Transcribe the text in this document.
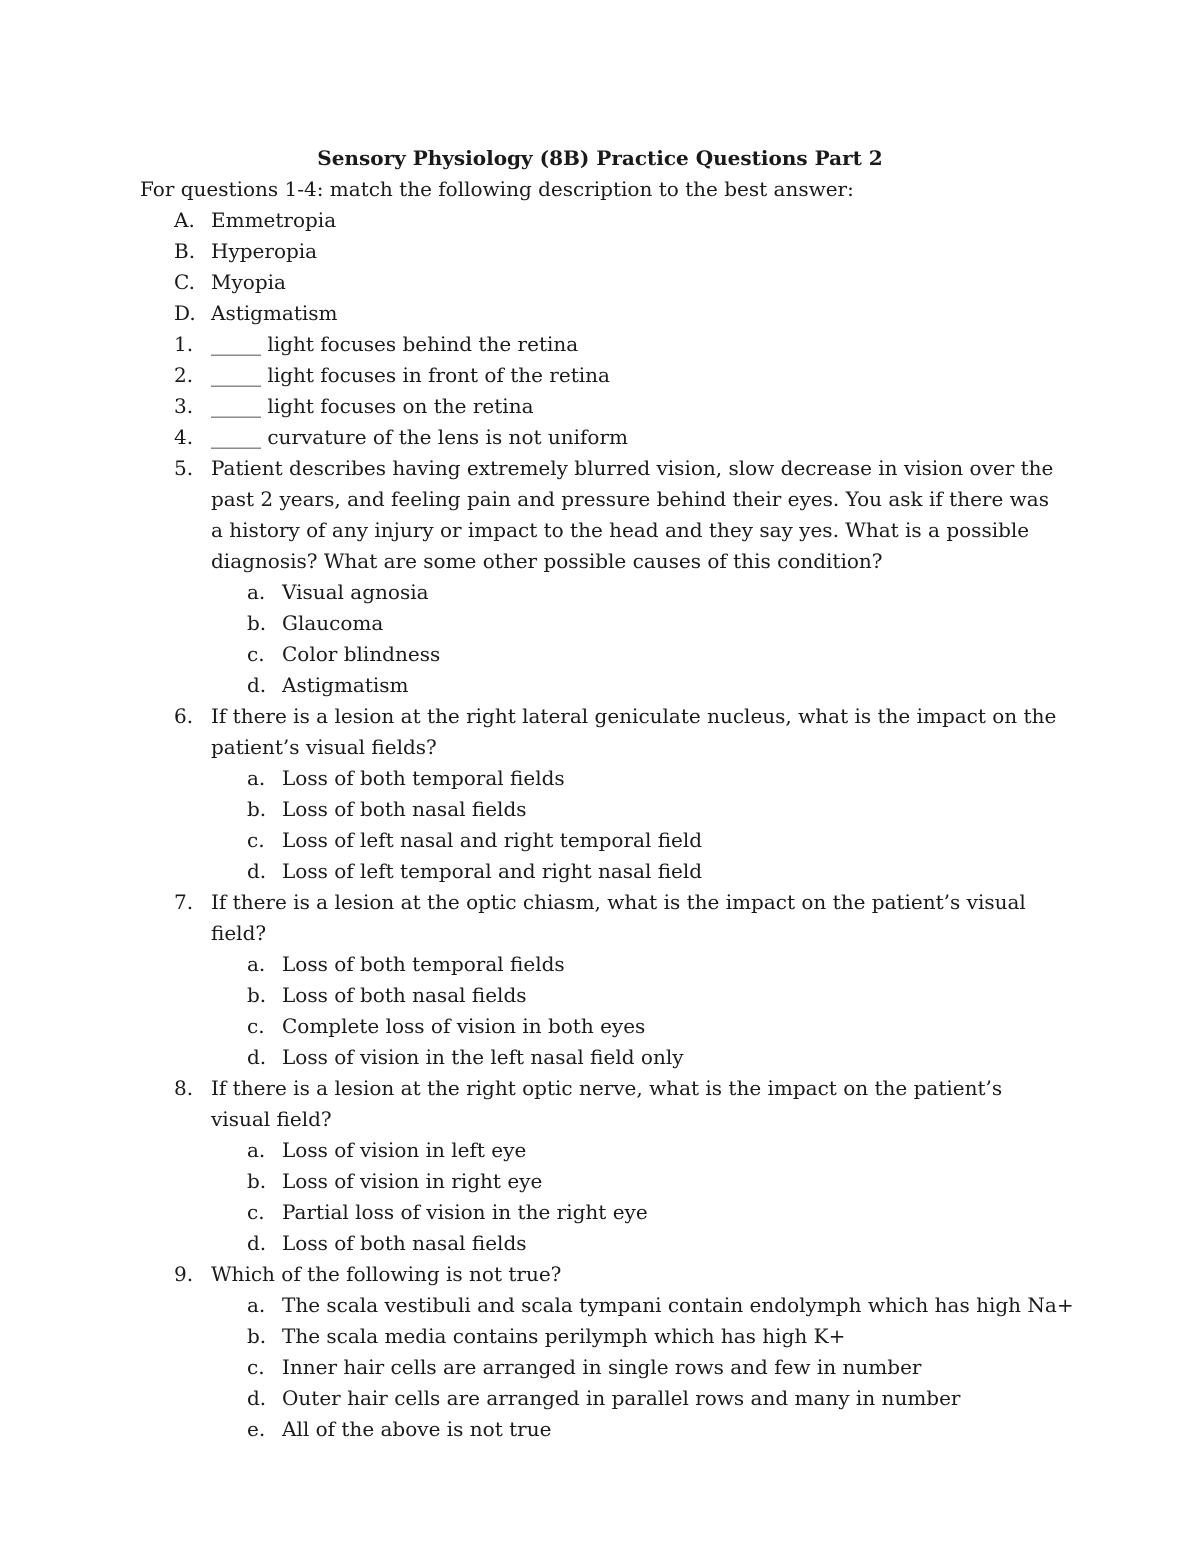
Sensory Physiology (8B) Practice Questions Part 2
For questions 1-4: match the following description to the best answer:
A. Emmetropia
B. Hyperopia
C. Myopia
D. Astigmatism
1. _____ light focuses behind the retina
2. _____ light focuses in front of the retina
3. _____ light focuses on the retina
4. _____ curvature of the lens is not uniform
5. Patient describes having extremely blurred vision, slow decrease in vision over the past 2 years, and feeling pain and pressure behind their eyes. You ask if there was a history of any injury or impact to the head and they say yes. What is a possible diagnosis? What are some other possible causes of this condition?
a. Visual agnosia
b. Glaucoma
c. Color blindness
d. Astigmatism
6. If there is a lesion at the right lateral geniculate nucleus, what is the impact on the patient’s visual fields?
a. Loss of both temporal fields
b. Loss of both nasal fields
c. Loss of left nasal and right temporal field
d. Loss of left temporal and right nasal field
7. If there is a lesion at the optic chiasm, what is the impact on the patient’s visual field?
a. Loss of both temporal fields
b. Loss of both nasal fields
c. Complete loss of vision in both eyes
d. Loss of vision in the left nasal field only
8. If there is a lesion at the right optic nerve, what is the impact on the patient’s visual field?
a. Loss of vision in left eye
b. Loss of vision in right eye
c. Partial loss of vision in the right eye
d. Loss of both nasal fields
9. Which of the following is not true?
a. The scala vestibuli and scala tympani contain endolymph which has high Na+
b. The scala media contains perilymph which has high K+
c. Inner hair cells are arranged in single rows and few in number
d. Outer hair cells are arranged in parallel rows and many in number
e. All of the above is not true
